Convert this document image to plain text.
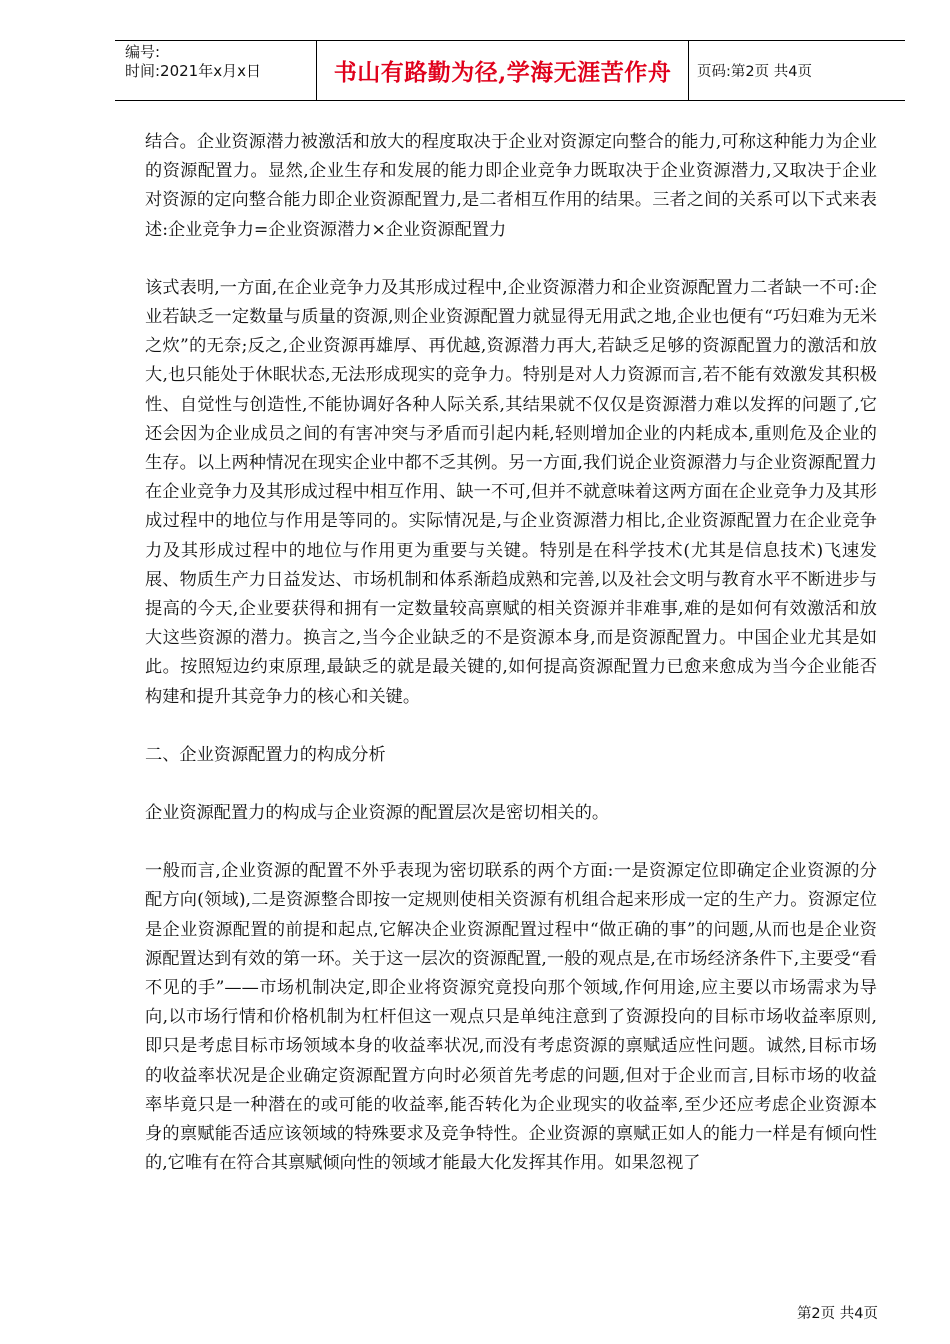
编号:
时间:2021年x月x日	书山有路勤为径,学海无涯苦作舟	页码:第2页 共4页

结合。企业资源潜力被激活和放大的程度取决于企业对资源定向整合的能力,可称这种能力为企业的资源配置力。显然,企业生存和发展的能力即企业竞争力既取决于企业资源潜力,又取决于企业对资源的定向整合能力即企业资源配置力,是二者相互作用的结果。三者之间的关系可以下式来表述:企业竞争力=企业资源潜力×企业资源配置力

该式表明,一方面,在企业竞争力及其形成过程中,企业资源潜力和企业资源配置力二者缺一不可:企业若缺乏一定数量与质量的资源,则企业资源配置力就显得无用武之地,企业也便有“巧妇难为无米之炊”的无奈;反之,企业资源再雄厚、再优越,资源潜力再大,若缺乏足够的资源配置力的激活和放大,也只能处于休眠状态,无法形成现实的竞争力。特别是对人力资源而言,若不能有效激发其积极性、自觉性与创造性,不能协调好各种人际关系,其结果就不仅仅是资源潜力难以发挥的问题了,它还会因为企业成员之间的有害冲突与矛盾而引起内耗,轻则增加企业的内耗成本,重则危及企业的生存。以上两种情况在现实企业中都不乏其例。另一方面,我们说企业资源潜力与企业资源配置力在企业竞争力及其形成过程中相互作用、缺一不可,但并不就意味着这两方面在企业竞争力及其形成过程中的地位与作用是等同的。实际情况是,与企业资源潜力相比,企业资源配置力在企业竞争力及其形成过程中的地位与作用更为重要与关键。特别是在科学技术(尤其是信息技术)飞速发展、物质生产力日益发达、市场机制和体系渐趋成熟和完善,以及社会文明与教育水平不断进步与提高的今天,企业要获得和拥有一定数量较高禀赋的相关资源并非难事,难的是如何有效激活和放大这些资源的潜力。换言之,当今企业缺乏的不是资源本身,而是资源配置力。中国企业尤其是如此。按照短边约束原理,最缺乏的就是最关键的,如何提高资源配置力已愈来愈成为当今企业能否构建和提升其竞争力的核心和关键。

二、企业资源配置力的构成分析

企业资源配置力的构成与企业资源的配置层次是密切相关的。

一般而言,企业资源的配置不外乎表现为密切联系的两个方面:一是资源定位即确定企业资源的分配方向(领域),二是资源整合即按一定规则使相关资源有机组合起来形成一定的生产力。资源定位是企业资源配置的前提和起点,它解决企业资源配置过程中“做正确的事”的问题,从而也是企业资源配置达到有效的第一环。关于这一层次的资源配置,一般的观点是,在市场经济条件下,主要受“看不见的手”——市场机制决定,即企业将资源究竟投向那个领域,作何用途,应主要以市场需求为导向,以市场行情和价格机制为杠杆但这一观点只是单纯注意到了资源投向的目标市场收益率原则,即只是考虑目标市场领域本身的收益率状况,而没有考虑资源的禀赋适应性问题。诚然,目标市场的收益率状况是企业确定资源配置方向时必须首先考虑的问题,但对于企业而言,目标市场的收益率毕竟只是一种潜在的或可能的收益率,能否转化为企业现实的收益率,至少还应考虑企业资源本身的禀赋能否适应该领域的特殊要求及竞争特性。企业资源的禀赋正如人的能力一样是有倾向性的,它唯有在符合其禀赋倾向性的领域才能最大化发挥其作用。如果忽视了

第2页 共4页
